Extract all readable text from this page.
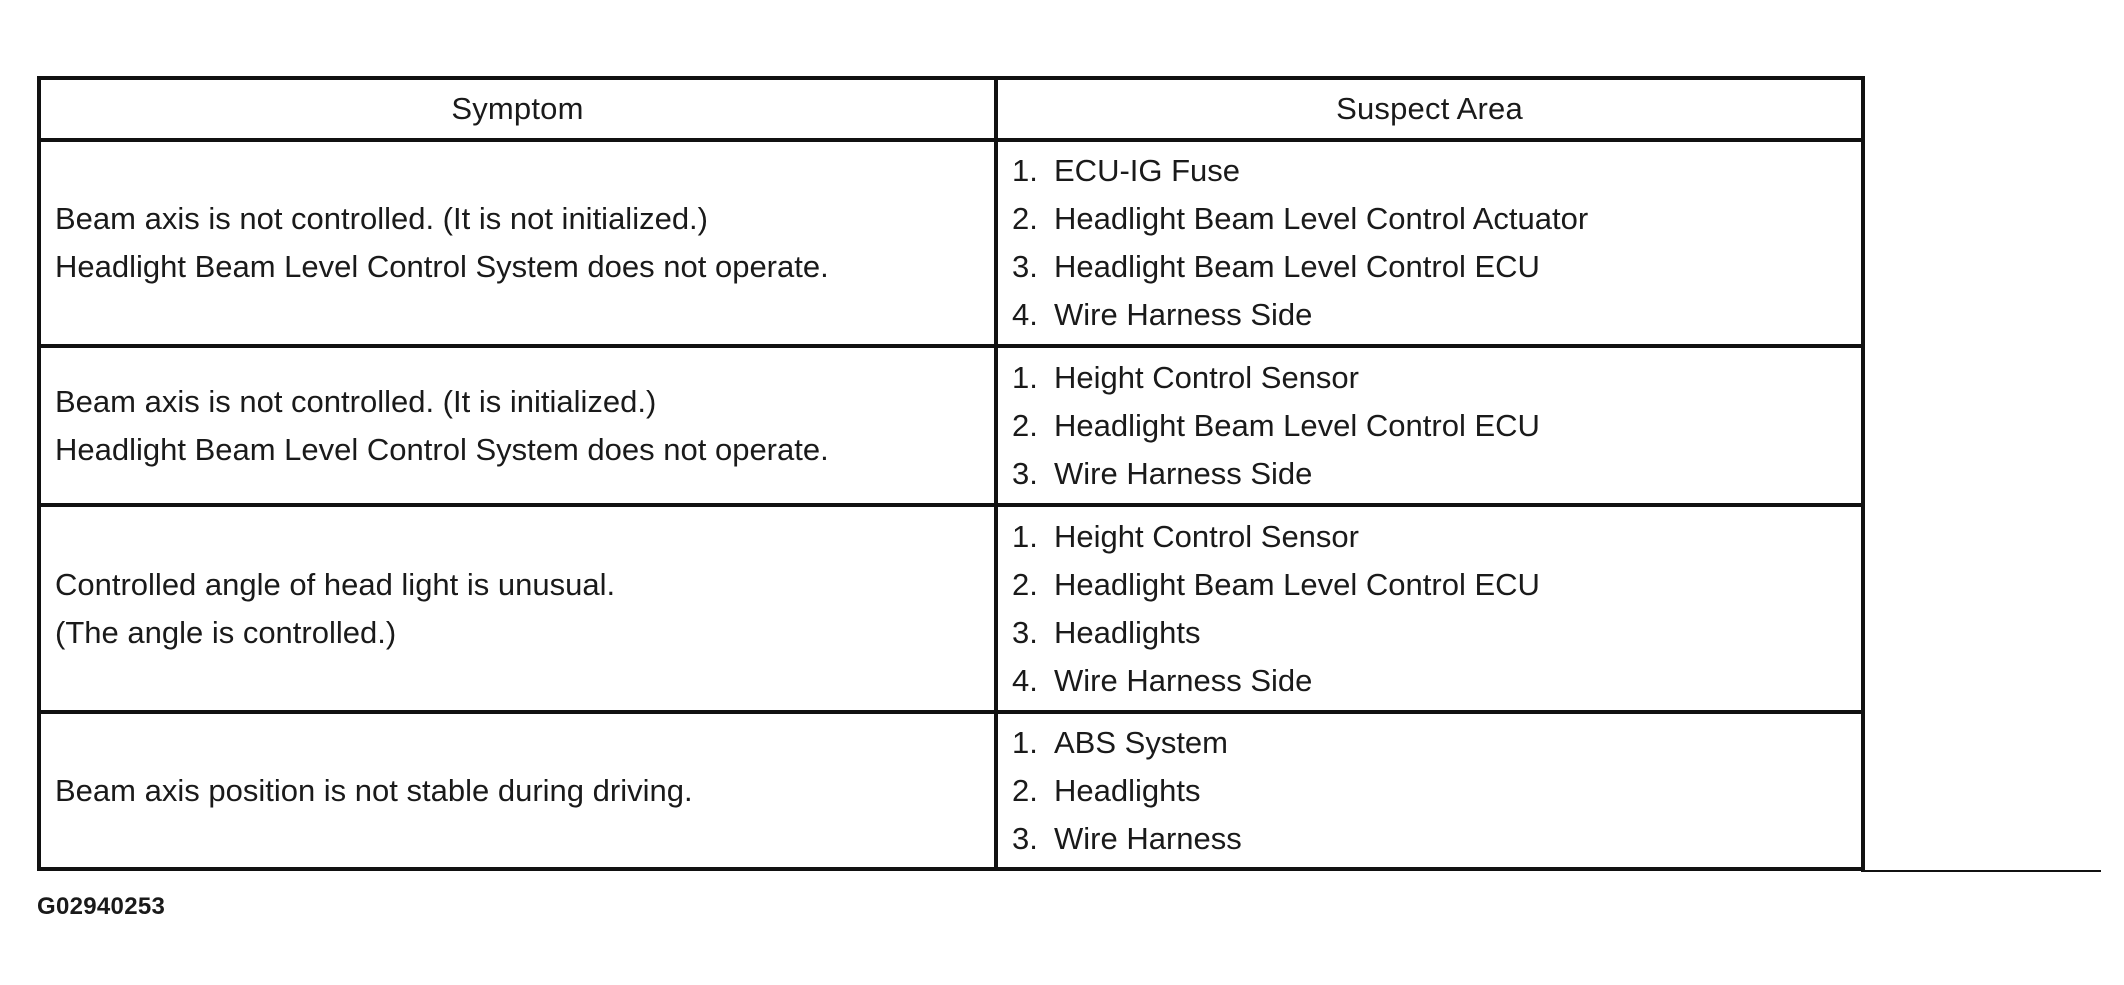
Symptom	Suspect Area

Beam axis is not controlled. (It is not initialized.)
Headlight Beam Level Control System does not operate.	1. ECU-IG Fuse
2. Headlight Beam Level Control Actuator
3. Headlight Beam Level Control ECU
4. Wire Harness Side

Beam axis is not controlled. (It is initialized.)
Headlight Beam Level Control System does not operate.	1. Height Control Sensor
2. Headlight Beam Level Control ECU
3. Wire Harness Side

Controlled angle of head light is unusual.
(The angle is controlled.)	1. Height Control Sensor
2. Headlight Beam Level Control ECU
3. Headlights
4. Wire Harness Side

Beam axis position is not stable during driving.	1. ABS System
2. Headlights
3. Wire Harness
G02940253
